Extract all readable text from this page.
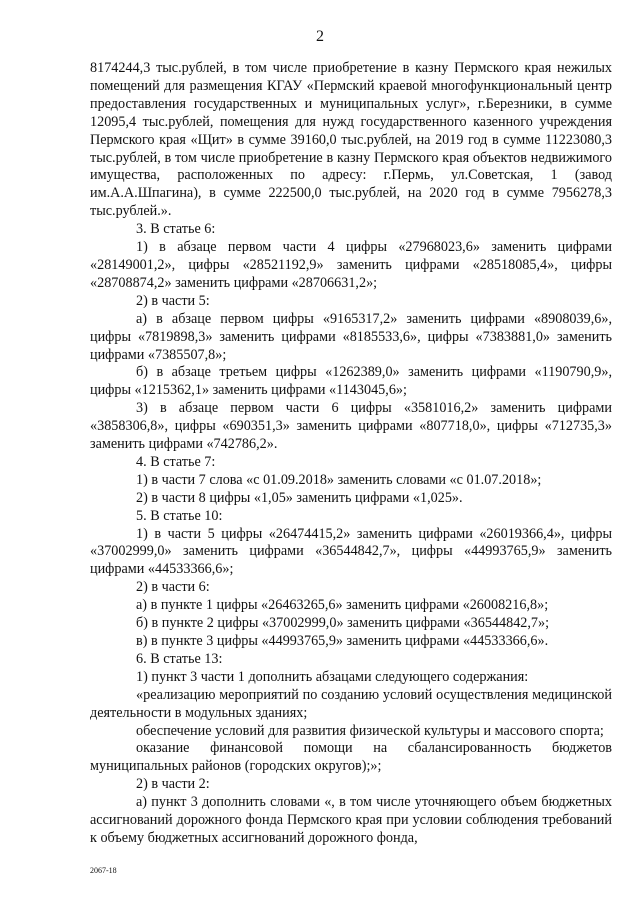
2

8174244,3 тыс.рублей, в том числе приобретение в казну Пермского края нежилых помещений для размещения КГАУ «Пермский краевой многофункциональный центр предоставления государственных и муниципальных услуг», г.Березники, в сумме 12095,4 тыс.рублей, помещения для нужд государственного казенного учреждения Пермского края «Щит» в сумме 39160,0 тыс.рублей, на 2019 год в сумме 11223080,3 тыс.рублей, в том числе приобретение в казну Пермского края объектов недвижимого имущества, расположенных по адресу: г.Пермь, ул.Советская, 1 (завод им.А.А.Шпагина), в сумме 222500,0 тыс.рублей, на 2020 год в сумме 7956278,3 тыс.рублей.».

3. В статье 6:

1) в абзаце первом части 4 цифры «27968023,6» заменить цифрами «28149001,2», цифры «28521192,9» заменить цифрами «28518085,4», цифры «28708874,2» заменить цифрами «28706631,2»;

2) в части 5:

а) в абзаце первом цифры «9165317,2» заменить цифрами «8908039,6», цифры «7819898,3» заменить цифрами «8185533,6», цифры «7383881,0» заменить цифрами «7385507,8»;

б) в абзаце третьем цифры «1262389,0» заменить цифрами «1190790,9», цифры «1215362,1» заменить цифрами «1143045,6»;

3) в абзаце первом части 6 цифры «3581016,2» заменить цифрами «3858306,8», цифры «690351,3» заменить цифрами «807718,0», цифры «712735,3» заменить цифрами «742786,2».

4. В статье 7:

1) в части 7 слова «с 01.09.2018» заменить словами «с 01.07.2018»;

2) в части 8 цифры «1,05» заменить цифрами «1,025».

5. В статье 10:

1) в части 5 цифры «26474415,2» заменить цифрами «26019366,4», цифры «37002999,0» заменить цифрами «36544842,7», цифры «44993765,9» заменить цифрами «44533366,6»;

2) в части 6:

а) в пункте 1 цифры «26463265,6» заменить цифрами «26008216,8»;

б) в пункте 2 цифры «37002999,0» заменить цифрами «36544842,7»;

в) в пункте 3 цифры «44993765,9» заменить цифрами «44533366,6».

6. В статье 13:

1) пункт 3 части 1 дополнить абзацами следующего содержания:

«реализацию мероприятий по созданию условий осуществления медицинской деятельности в модульных зданиях;

обеспечение условий для развития физической культуры и массового спорта;

оказание финансовой помощи на сбалансированность бюджетов муниципальных районов (городских округов);»;

2) в части 2:

а) пункт 3 дополнить словами «, в том числе уточняющего объем бюджетных ассигнований дорожного фонда Пермского края при условии соблюдения требований к объему бюджетных ассигнований дорожного фонда,

2067-18
